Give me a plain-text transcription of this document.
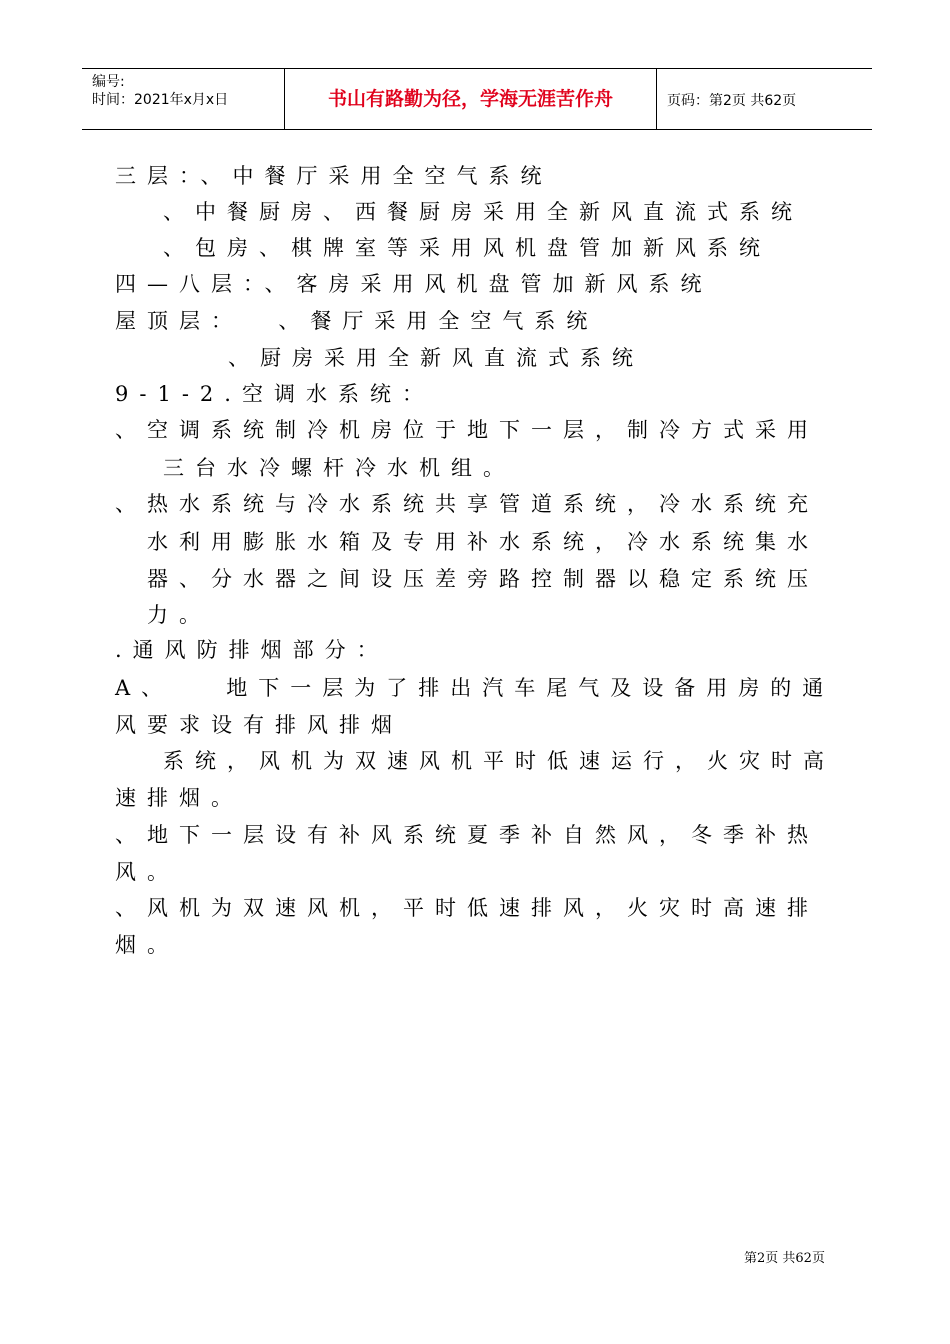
编号:
时间：2021年x月x日	书山有路勤为径，学海无涯苦作舟	页码：第2页 共62页
三层：、中餐厅采用全空气系统
、中餐厨房、西餐厨房采用全新风直流式系统
、包房、棋牌室等采用风机盘管加新风系统
四—八层：、客房采用风机盘管加新风系统
屋顶层：  、餐厅采用全空气系统
、厨房采用全新风直流式系统
9-1-2.空调水系统：
、空调系统制冷机房位于地下一层，制冷方式采用
三台水冷螺杆冷水机组。
、热水系统与冷水系统共享管道系统，冷水系统充
水利用膨胀水箱及专用补水系统，冷水系统集水
器、分水器之间设压差旁路控制器以稳定系统压
力。
.通风防排烟部分：
A、   地下一层为了排出汽车尾气及设备用房的通
风要求设有排风排烟
系统，风机为双速风机平时低速运行，火灾时高
速排烟。
、地下一层设有补风系统夏季补自然风，冬季补热
风。
、风机为双速风机，平时低速排风，火灾时高速排
烟。
第2页 共62页
